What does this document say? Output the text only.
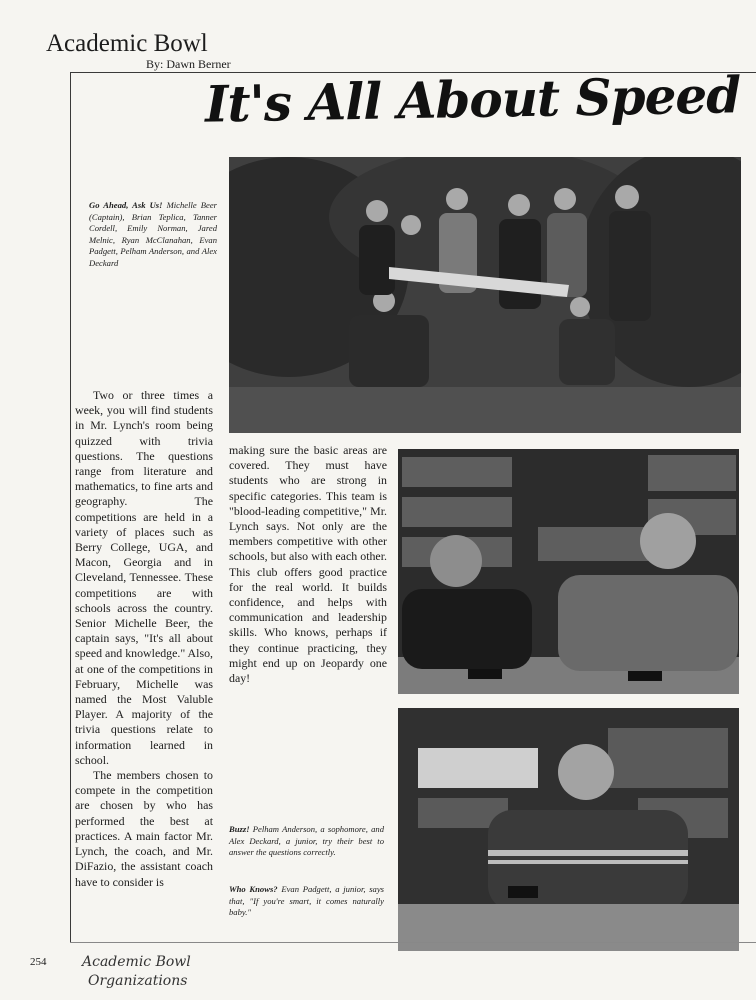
Academic Bowl
By: Dawn Berner
It's All About Speed
Go Ahead, Ask Us! Michelle Beer (Captain), Brian Teplica, Tanner Cordell, Emily Norman, Jared Melnic, Ryan McClanahan, Evan Padgett, Pelham Anderson, and Alex Deckard

Two or three times a week, you will find students in Mr. Lynch's room being quizzed with trivia questions. The questions range from literature and mathematics, to fine arts and geography. The competitions are held in a variety of places such as Berry College, UGA, and Macon, Georgia and in Cleveland, Tennessee. These competitions are with schools across the country. Senior Michelle Beer, the captain says, "It's all about speed and knowledge." Also, at one of the competitions in February, Michelle was named the Most Valuble Player. A majority of the trivia questions relate to information learned in school.

The members chosen to compete in the competition are chosen by who has performed the best at practices. A main factor Mr. Lynch, the coach, and Mr. DiFazio, the assistant coach have to consider is

making sure the basic areas are covered. They must have students who are strong in specific categories. This team is "blood-leading competitive," Mr. Lynch says. Not only are the members competitive with other schools, but also with each other. This club offers good practice for the real world. It builds confidence, and helps with communication and leadership skills. Who knows, perhaps if they continue practicing, they might end up on Jeopardy one day!

Buzz! Pelham Anderson, a sophomore, and Alex Deckard, a junior, try their best to answer the questions correctly.
Who Knows? Evan Padgett, a junior, says that, "If you're smart, it comes naturally baby."
254	Academic Bowl
Organizations
